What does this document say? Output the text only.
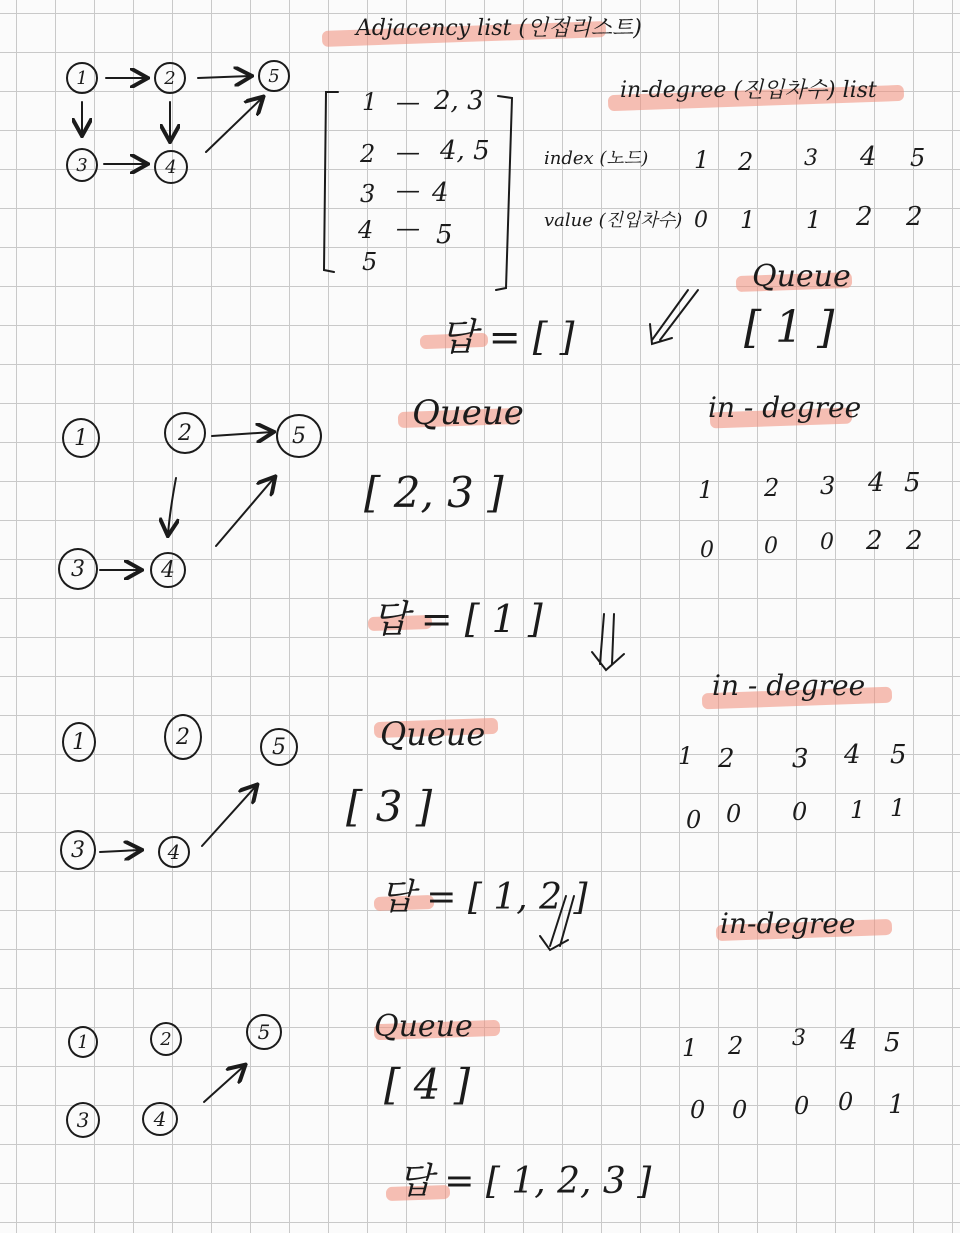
1	2	5
3	4
Adjacency list (인접리스트)
1 — 2, 3
2 — 4, 5
3 — 4
4 — 5
5
in-degree (진입차수) list
index (노드)
value (진입차수)
1 2 3 4 5
0 1 1 2 2
Queue
[ 1 ]
답 = [ ]
1	2	5
3	4
Queue
[ 2, 3 ]
답 = [ 1 ]
in - degree
1 2 3 4 5
0 0 0 2 2
1	2	5
3	4
Queue
[ 3 ]
답 = [ 1, 2 ]
in - degree
1 2 3 4 5
0 0 0 1 1
1	2	5
3	4
Queue
[ 4 ]
답 = [ 1, 2, 3 ]
in-degree
1 2 3 4 5
0 0 0 0 1
